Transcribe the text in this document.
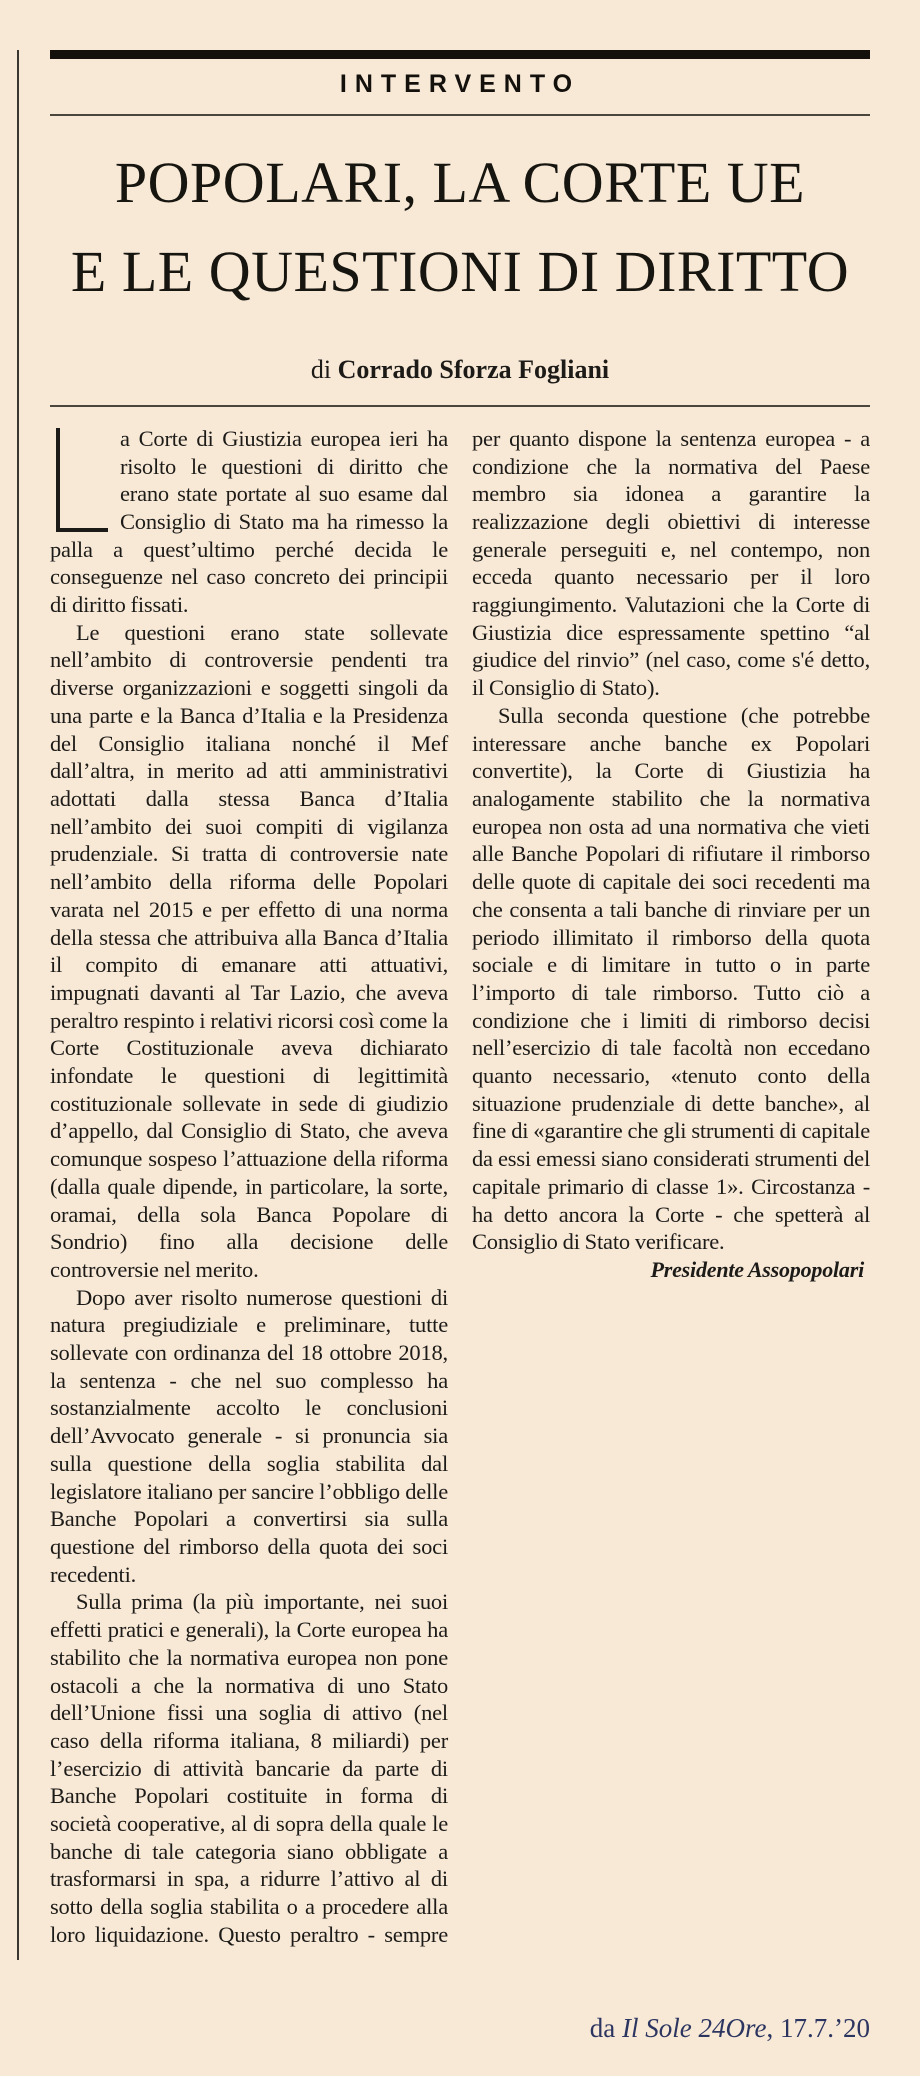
INTERVENTO
POPOLARI, LA CORTE UE
E LE QUESTIONI DI DIRITTO
di Corrado Sforza Fogliani

a Corte di Giustizia europea ieri ha risolto le questioni di diritto che erano state portate al suo esame dal Consiglio di Stato ma ha rimesso la palla a quest’ultimo perché decida le conseguenze nel caso concreto dei principii di diritto fissati.

Le questioni erano state sollevate nell’ambito di controversie pendenti tra diverse organizzazioni e soggetti singoli da una parte e la Banca d’Italia e la Presidenza del Consiglio italiana nonché il Mef dall’altra, in merito ad atti amministrativi adottati dalla stessa Banca d’Italia nell’ambito dei suoi compiti di vigilanza prudenziale. Si tratta di controversie nate nell’ambito della riforma delle Popolari varata nel 2015 e per effetto di una norma della stessa che attribuiva alla Banca d’Italia il compito di emanare atti attuativi, impugnati davanti al Tar Lazio, che aveva peraltro respinto i relativi ricorsi così come la Corte Costituzionale aveva dichiarato infondate le questioni di legittimità costituzionale sollevate in sede di giudizio d’appello, dal Consiglio di Stato, che aveva comunque sospeso l’attuazione della riforma (dalla quale dipende, in particolare, la sorte, oramai, della sola Banca Popolare di Sondrio) fino alla decisione delle controversie nel merito.

Dopo aver risolto numerose questioni di natura pregiudiziale e preliminare, tutte sollevate con ordinanza del 18 ottobre 2018, la sentenza - che nel suo complesso ha sostanzialmente accolto le conclusioni dell’Avvocato generale - si pronuncia sia sulla questione della soglia stabilita dal legislatore italiano per sancire l’obbligo delle Banche Popolari a convertirsi sia sulla questione del rimborso della quota dei soci recedenti.

Sulla prima (la più importante, nei suoi effetti pratici e generali), la Corte europea ha stabilito che la normativa europea non pone ostacoli a che la normativa di uno Stato dell’Unione fissi una soglia di attivo (nel caso della riforma italiana, 8 miliardi) per l’esercizio di attività bancarie da parte di Banche Popolari costituite in forma di società cooperative, al di sopra della quale le banche di tale categoria siano obbligate a trasformarsi in spa, a ridurre l’attivo al di sotto della soglia stabilita o a procedere alla loro liquidazione. Questo peraltro - sempre per quanto dispone la sentenza europea - a condizione che la normativa del Paese membro sia idonea a garantire la realizzazione degli obiettivi di interesse generale perseguiti e, nel contempo, non ecceda quanto necessario per il loro raggiungimento. Valutazioni che la Corte di Giustizia dice espressamente spettino “al giudice del rinvio” (nel caso, come s'é detto, il Consiglio di Stato).

Sulla seconda questione (che potrebbe interessare anche banche ex Popolari convertite), la Corte di Giustizia ha analogamente stabilito che la normativa europea non osta ad una normativa che vieti alle Banche Popolari di rifiutare il rimborso delle quote di capitale dei soci recedenti ma che consenta a tali banche di rinviare per un periodo illimitato il rimborso della quota sociale e di limitare in tutto o in parte l’importo di tale rimborso. Tutto ciò a condizione che i limiti di rimborso decisi nell’esercizio di tale facoltà non eccedano quanto necessario, «tenuto conto della situazione prudenziale di dette banche», al fine di «garantire che gli strumenti di capitale da essi emessi siano considerati strumenti del capitale primario di classe 1». Circostanza - ha detto ancora la Corte - che spetterà al Consiglio di Stato verificare.

Presidente Assopopolari
da Il Sole 24Ore, 17.7.’20
